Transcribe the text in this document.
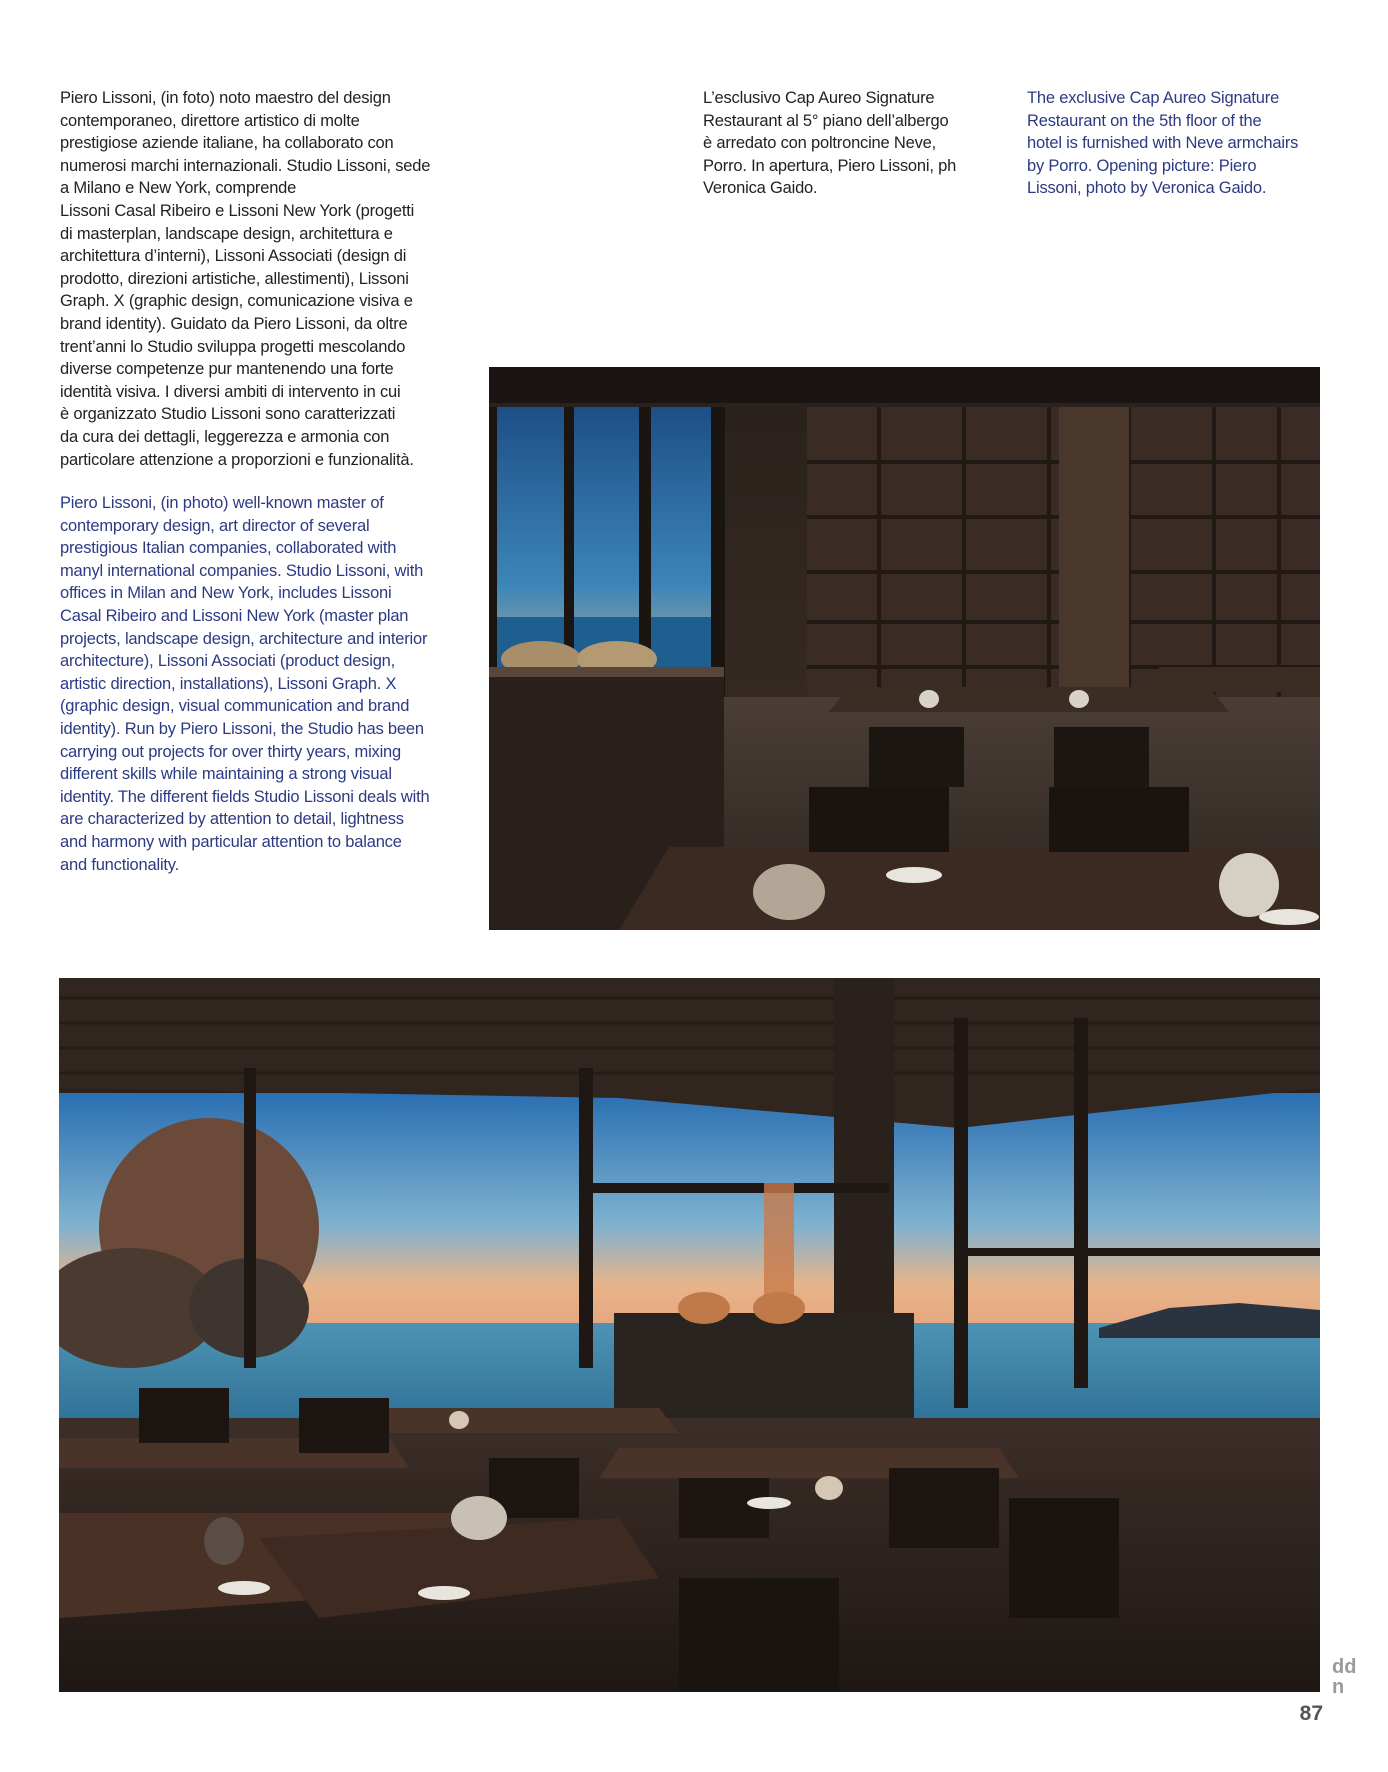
Piero Lissoni, (in foto) noto maestro del design
contemporaneo, direttore artistico di molte
prestigiose aziende italiane, ha collaborato con
numerosi marchi internazionali. Studio Lissoni, sede
a Milano e New York, comprende
Lissoni Casal Ribeiro e Lissoni New York (progetti
di masterplan, landscape design, architettura e
architettura d’interni), Lissoni Associati (design di
prodotto, direzioni artistiche, allestimenti), Lissoni
Graph. X (graphic design, comunicazione visiva e
brand identity). Guidato da Piero Lissoni, da oltre
trent’anni lo Studio sviluppa progetti mescolando
diverse competenze pur mantenendo una forte
identità visiva. I diversi ambiti di intervento in cui
è organizzato Studio Lissoni sono caratterizzati
da cura dei dettagli, leggerezza e armonia con
particolare attenzione a proporzioni e funzionalità.

Piero Lissoni, (in photo) well-known master of
contemporary design, art director of several
prestigious Italian companies, collaborated with
manyl international companies. Studio Lissoni, with
offices in Milan and New York, includes Lissoni
Casal Ribeiro and Lissoni New York (master plan
projects, landscape design, architecture and interior
architecture), Lissoni Associati (product design,
artistic direction, installations), Lissoni Graph. X
(graphic design, visual communication and brand
identity). Run by Piero Lissoni, the Studio has been
carrying out projects for over thirty years, mixing
different skills while maintaining a strong visual
identity. The different fields Studio Lissoni deals with
are characterized by attention to detail, lightness
and harmony with particular attention to balance
and functionality.

L’esclusivo Cap Aureo Signature
Restaurant al 5° piano dell’albergo
è arredato con poltroncine Neve,
Porro. In apertura, Piero Lissoni, ph
Veronica Gaido.

The exclusive Cap Aureo Signature
Restaurant on the 5th floor of the
hotel is furnished with Neve armchairs
by Porro. Opening picture: Piero
Lissoni, photo by Veronica Gaido.

dd
n
87
